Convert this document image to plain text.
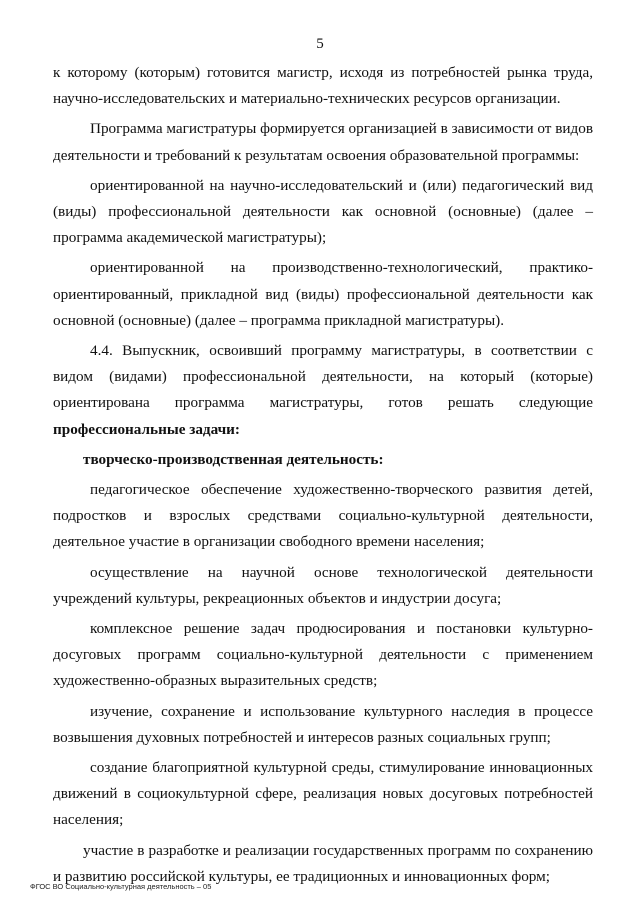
5

к которому (которым) готовится магистр, исходя из потребностей рынка труда, научно-исследовательских и материально-технических ресурсов организации.

Программа магистратуры формируется организацией в зависимости от видов деятельности и требований к результатам освоения образовательной программы:

ориентированной на научно-исследовательский и (или) педагогический вид (виды) профессиональной деятельности как основной (основные) (далее – программа академической магистратуры);

ориентированной на производственно-технологический, практико-ориентированный, прикладной вид (виды) профессиональной деятельности как основной (основные) (далее – программа прикладной магистратуры).

4.4. Выпускник, освоивший программу магистратуры, в соответствии с видом (видами) профессиональной деятельности, на который (которые) ориентирована программа магистратуры, готов решать следующие профессиональные задачи:

творческо-производственная деятельность:

педагогическое обеспечение художественно-творческого развития детей, подростков и взрослых средствами социально-культурной деятельности, деятельное участие в организации свободного времени населения;

осуществление на научной основе технологической деятельности учреждений культуры, рекреационных объектов и индустрии досуга;

комплексное решение задач продюсирования и постановки культурно-досуговых программ социально-культурной деятельности с применением художественно-образных выразительных средств;

изучение, сохранение и использование культурного наследия в процессе возвышения духовных потребностей и интересов разных социальных групп;

создание благоприятной культурной среды, стимулирование инновационных движений в социокультурной сфере, реализация новых досуговых потребностей населения;

участие в разработке и реализации государственных программ по сохранению и развитию российской культуры, ее традиционных и инновационных форм;

ФГОС ВО Социально-культурная деятельность – 05
